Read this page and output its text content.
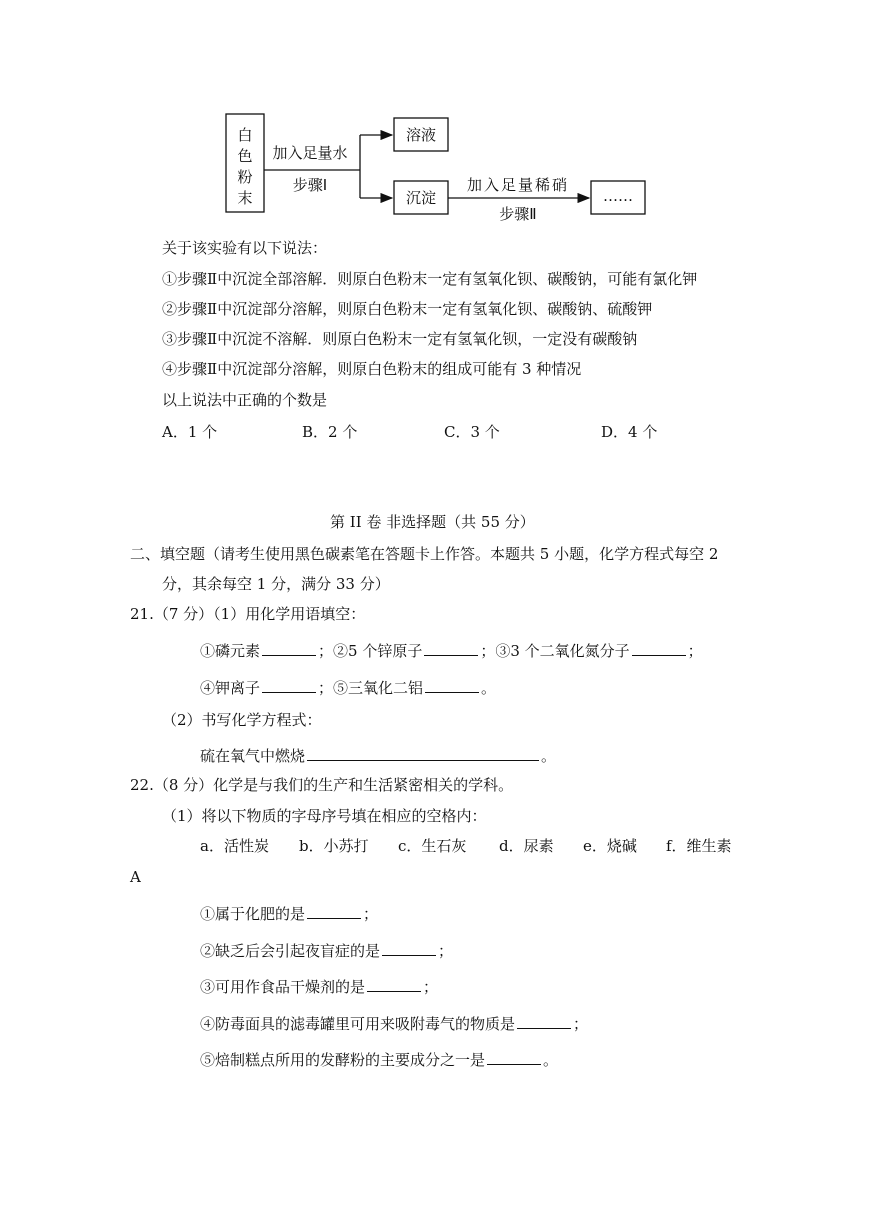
白
色
粉
末
加入足量水
步骤Ⅰ
溶液
沉淀
加入足量稀硝
步骤Ⅱ
……
关于该实验有以下说法：
①步骤Ⅱ中沉淀全部溶解．则原白色粉末一定有氢氧化钡、碳酸钠，可能有氯化钾
②步骤Ⅱ中沉淀部分溶解，则原白色粉末一定有氢氧化钡、碳酸钠、硫酸钾
③步骤Ⅱ中沉淀不溶解．则原白色粉末一定有氢氧化钡，一定没有碳酸钠
④步骤Ⅱ中沉淀部分溶解，则原白色粉末的组成可能有 3 种情况
以上说法中正确的个数是
A．1 个	B．2 个	C．3 个	D．4 个
第 II 卷 非选择题（共 55 分）
二、填空题（请考生使用黑色碳素笔在答题卡上作答。本题共 5 小题，化学方程式每空 2
分，其余每空 1 分，满分 33 分）
21.（7 分）（1）用化学用语填空：
①磷元素	；②5 个锌原子	；③3 个二氧化氮分子	；
④钾离子	；⑤三氧化二铝	。
（2）书写化学方程式：
硫在氧气中燃烧	。
22.（8 分）化学是与我们的生产和生活紧密相关的学科。
（1）将以下物质的字母序号填在相应的空格内：
a．活性炭 b．小苏打 c．生石灰 d．尿素 e．烧碱 f．维生素
A
①属于化肥的是	；
②缺乏后会引起夜盲症的是	；
③可用作食品干燥剂的是	；
④防毒面具的滤毒罐里可用来吸附毒气的物质是	；
⑤焙制糕点所用的发酵粉的主要成分之一是	。
